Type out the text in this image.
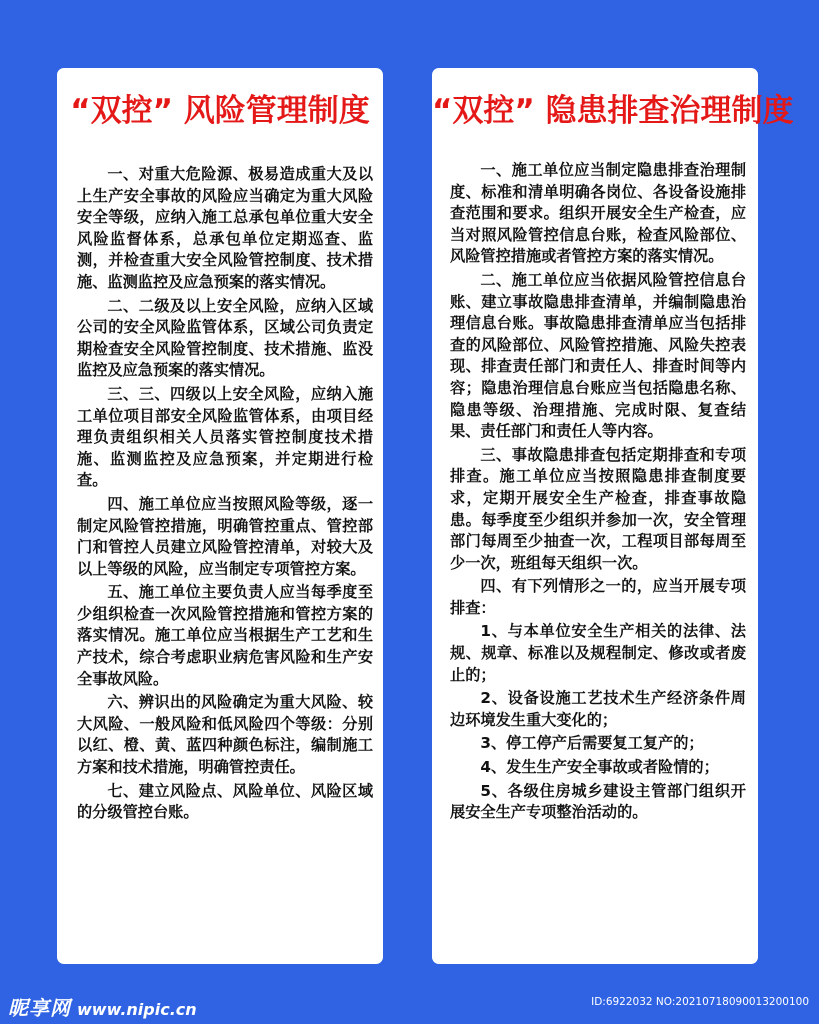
“双控” 风险管理制度

一、对重大危险源、极易造成重大及以上生产安全事故的风险应当确定为重大风险安全等级，应纳入施工总承包单位重大安全风险监督体系，总承包单位定期巡查、监测，并检查重大安全风险管控制度、技术措施、监测监控及应急预案的落实情况。

二、二级及以上安全风险，应纳入区域公司的安全风险监管体系，区域公司负责定期检查安全风险管控制度、技术措施、监没监控及应急预案的落实情况。

三、三、四级以上安全风险，应纳入施工单位项目部安全风险监管体系，由项目经理负责组织相关人员落实管控制度技术措施、监测监控及应急预案，并定期进行检查。

四、施工单位应当按照风险等级，逐一制定风险管控措施，明确管控重点、管控部门和管控人员建立风险管控清单，对较大及以上等级的风险，应当制定专项管控方案。

五、施工单位主要负责人应当每季度至少组织检查一次风险管控措施和管控方案的落实情况。施工单位应当根据生产工艺和生产技术，综合考虑职业病危害风险和生产安全事故风险。

六、辨识出的风险确定为重大风险、较大风险、一般风险和低风险四个等级：分别以红、橙、黄、蓝四种颜色标注，编制施工方案和技术措施，明确管控责任。

七、建立风险点、风险单位、风险区域的分级管控台账。

“双控” 隐患排查治理制度

一、施工单位应当制定隐患排查治理制度、标准和清单明确各岗位、各设备设施排查范围和要求。组织开展安全生产检查，应当对照风险管控信息台账，检查风险部位、风险管控措施或者管控方案的落实情况。

二、施工单位应当依据风险管控信息台账、建立事故隐患排查清单，并编制隐患治理信息台账。事故隐患排查清单应当包括排查的风险部位、风险管控措施、风险失控表现、排查责任部门和责任人、排查时间等内容；隐患治理信息台账应当包括隐患名称、隐患等级、治理措施、完成时限、复查结果、责任部门和责任人等内容。

三、事故隐患排查包括定期排查和专项排查。施工单位应当按照隐患排查制度要求，定期开展安全生产检查，排查事故隐患。每季度至少组织并参加一次，安全管理部门每周至少抽查一次，工程项目部每周至少一次，班组每天组织一次。

四、有下列情形之一的，应当开展专项排查：

1、与本单位安全生产相关的法律、法规、规章、标准以及规程制定、修改或者废止的；

2、设备设施工艺技术生产经济条件周边环境发生重大变化的；

3、停工停产后需要复工复产的；

4、发生生产安全事故或者险情的；

5、各级住房城乡建设主管部门组织开展安全生产专项整治活动的。

昵享网 www.nipic.cn	ID:6922032 NO:20210718090013200100
